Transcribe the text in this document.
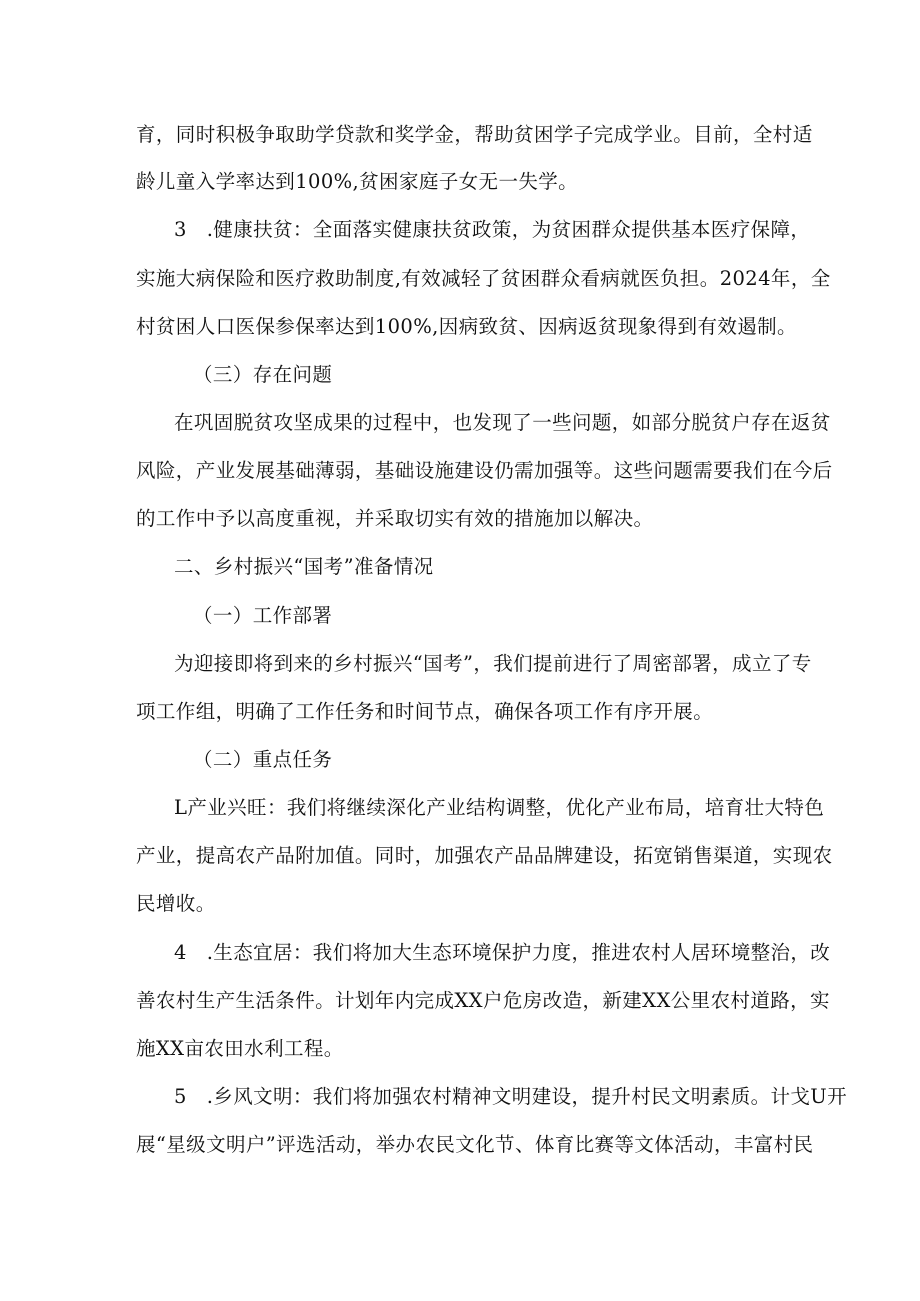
育，同时积极争取助学贷款和奖学金，帮助贫困学子完成学业。目前，全村适
龄儿童入学率达到100%,贫困家庭子女无一失学。
3　.健康扶贫：全面落实健康扶贫政策，为贫困群众提供基本医疗保障，
实施大病保险和医疗救助制度,有效减轻了贫困群众看病就医负担。2024年，全
村贫困人口医保参保率达到100%,因病致贫、因病返贫现象得到有效遏制。
（三）存在问题
在巩固脱贫攻坚成果的过程中，也发现了一些问题，如部分脱贫户存在返贫
风险，产业发展基础薄弱，基础设施建设仍需加强等。这些问题需要我们在今后
的工作中予以高度重视，并采取切实有效的措施加以解决。
二、乡村振兴“国考”准备情况
（一）工作部署
为迎接即将到来的乡村振兴“国考”，我们提前进行了周密部署，成立了专
项工作组，明确了工作任务和时间节点，确保各项工作有序开展。
（二）重点任务
L产业兴旺：我们将继续深化产业结构调整，优化产业布局，培育壮大特色
产业，提高农产品附加值。同时，加强农产品品牌建设，拓宽销售渠道，实现农
民增收。
4　.生态宜居：我们将加大生态环境保护力度，推进农村人居环境整治，改
善农村生产生活条件。计划年内完成XX户危房改造，新建XX公里农村道路，实
施XX亩农田水利工程。
5　.乡风文明：我们将加强农村精神文明建设，提升村民文明素质。计戈U开
展“星级文明户”评选活动，举办农民文化节、体育比赛等文体活动，丰富村民
